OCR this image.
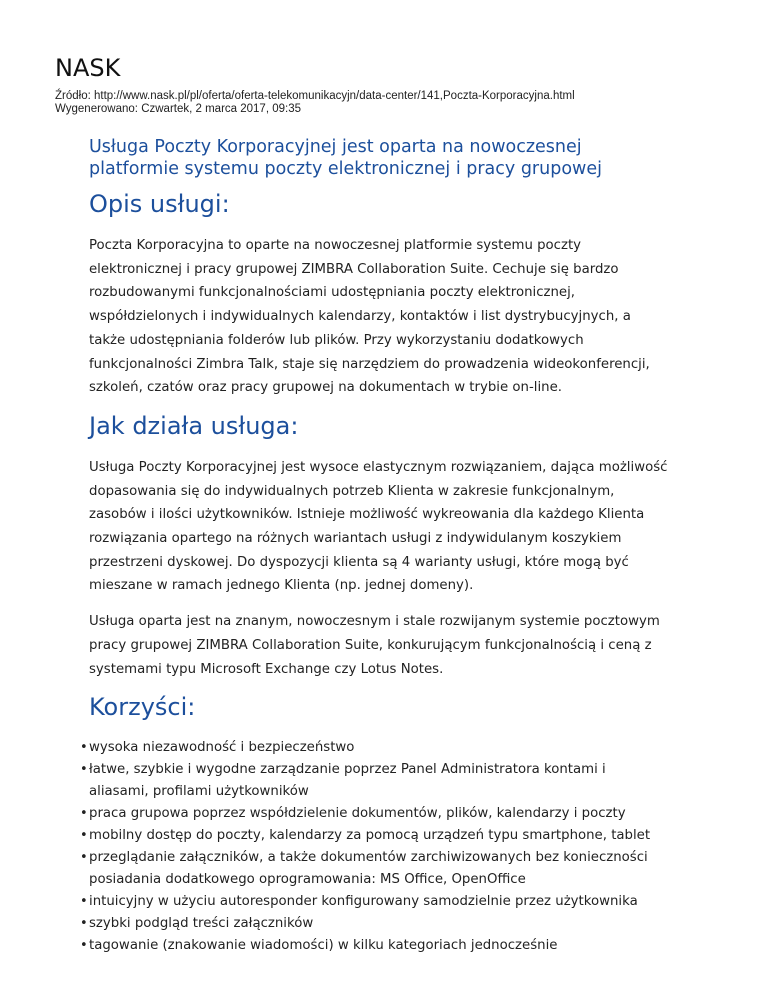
NASK
Źródło: http://www.nask.pl/pl/oferta/oferta-telekomunikacyjn/data-center/141,Poczta-Korporacyjna.html
Wygenerowano: Czwartek, 2 marca 2017, 09:35
Usługa Poczty Korporacyjnej jest oparta na nowoczesnej
platformie systemu poczty elektronicznej i pracy grupowej
Opis usługi:
Poczta Korporacyjna to oparte na nowoczesnej platformie systemu poczty
elektronicznej i pracy grupowej ZIMBRA Collaboration Suite. Cechuje się bardzo
rozbudowanymi funkcjonalnościami udostępniania poczty elektronicznej,
współdzielonych i indywidualnych kalendarzy, kontaktów i list dystrybucyjnych, a
także udostępniania folderów lub plików. Przy wykorzystaniu dodatkowych
funkcjonalności Zimbra Talk, staje się narzędziem do prowadzenia wideokonferencji,
szkoleń, czatów oraz pracy grupowej na dokumentach w trybie on-line.
Jak działa usługa:
Usługa Poczty Korporacyjnej jest wysoce elastycznym rozwiązaniem, dająca możliwość
dopasowania się do indywidualnych potrzeb Klienta w zakresie funkcjonalnym,
zasobów i ilości użytkowników. Istnieje możliwość wykreowania dla każdego Klienta
rozwiązania opartego na różnych wariantach usługi z indywidulanym koszykiem
przestrzeni dyskowej. Do dyspozycji klienta są 4 warianty usługi, które mogą być
mieszane w ramach jednego Klienta (np. jednej domeny).
Usługa oparta jest na znanym, nowoczesnym i stale rozwijanym systemie pocztowym
pracy grupowej ZIMBRA Collaboration Suite, konkurującym funkcjonalnością i ceną z
systemami typu Microsoft Exchange czy Lotus Notes.
Korzyści:
• wysoka niezawodność i bezpieczeństwo
• łatwe, szybkie i wygodne zarządzanie poprzez Panel Administratora kontami i
aliasami, profilami użytkowników
• praca grupowa poprzez współdzielenie dokumentów, plików, kalendarzy i poczty
• mobilny dostęp do poczty, kalendarzy za pomocą urządzeń typu smartphone, tablet
• przeglądanie załączników, a także dokumentów zarchiwizowanych bez konieczności
posiadania dodatkowego oprogramowania: MS Office, OpenOffice
• intuicyjny w użyciu autoresponder konfigurowany samodzielnie przez użytkownika
• szybki podgląd treści załączników
• tagowanie (znakowanie wiadomości) w kilku kategoriach jednocześnie
